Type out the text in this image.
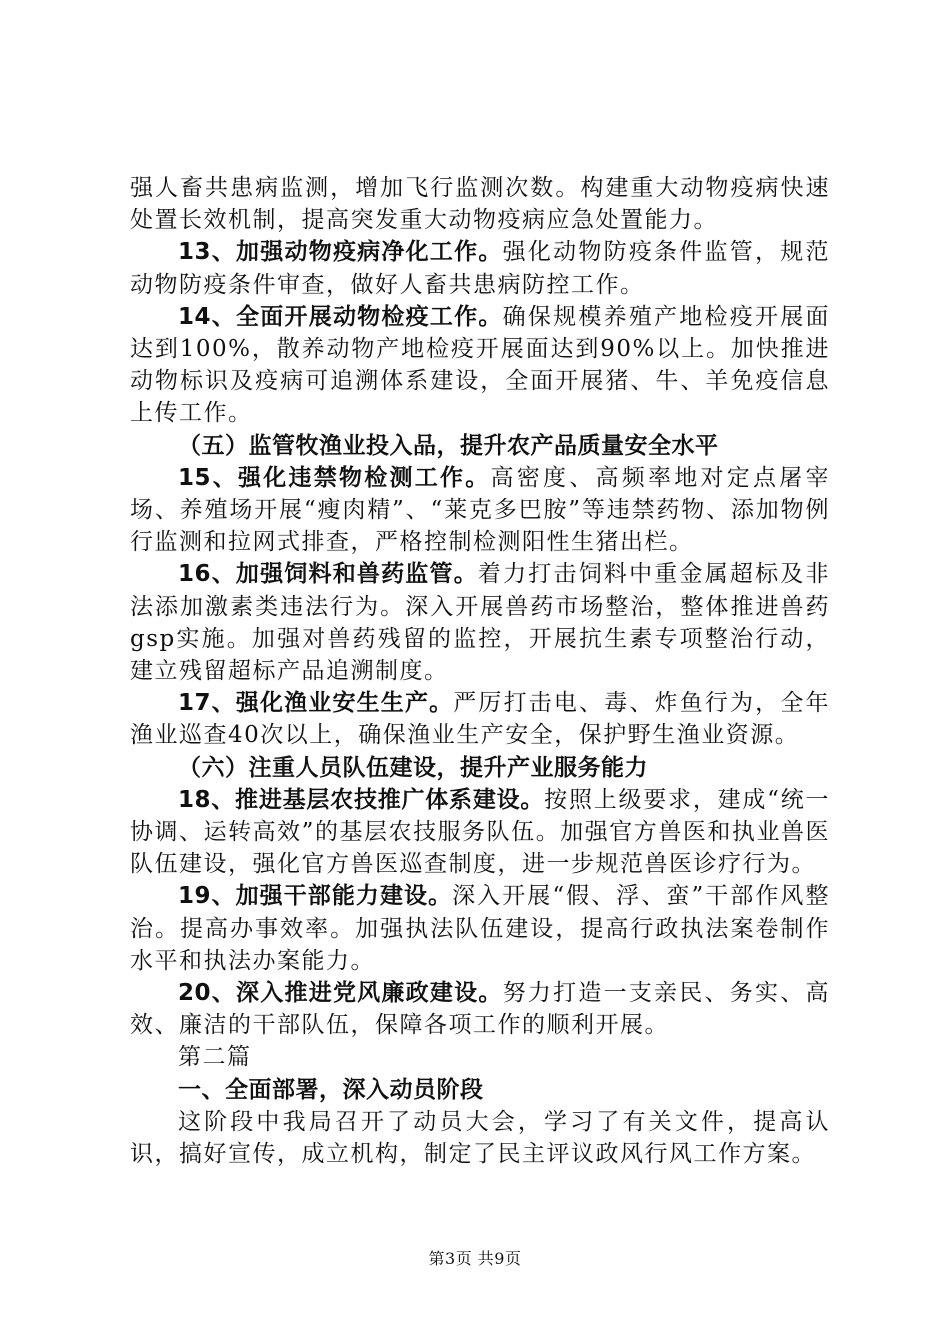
强人畜共患病监测，增加飞行监测次数。构建重大动物疫病快速处置长效机制，提高突发重大动物疫病应急处置能力。

13、加强动物疫病净化工作。强化动物防疫条件监管，规范动物防疫条件审查，做好人畜共患病防控工作。

14、全面开展动物检疫工作。确保规模养殖产地检疫开展面达到100%，散养动物产地检疫开展面达到90%以上。加快推进动物标识及疫病可追溯体系建设，全面开展猪、牛、羊免疫信息上传工作。

（五）监管牧渔业投入品，提升农产品质量安全水平

15、强化违禁物检测工作。高密度、高频率地对定点屠宰场、养殖场开展“瘦肉精”、“莱克多巴胺”等违禁药物、添加物例行监测和拉网式排查，严格控制检测阳性生猪出栏。

16、加强饲料和兽药监管。着力打击饲料中重金属超标及非法添加激素类违法行为。深入开展兽药市场整治，整体推进兽药gsp实施。加强对兽药残留的监控，开展抗生素专项整治行动，建立残留超标产品追溯制度。

17、强化渔业安生生产。严厉打击电、毒、炸鱼行为，全年渔业巡查40次以上，确保渔业生产安全，保护野生渔业资源。

（六）注重人员队伍建设，提升产业服务能力

18、推进基层农技推广体系建设。按照上级要求，建成“统一协调、运转高效”的基层农技服务队伍。加强官方兽医和执业兽医队伍建设，强化官方兽医巡查制度，进一步规范兽医诊疗行为。

19、加强干部能力建设。深入开展“假、浮、蛮”干部作风整治。提高办事效率。加强执法队伍建设，提高行政执法案卷制作水平和执法办案能力。

20、深入推进党风廉政建设。努力打造一支亲民、务实、高效、廉洁的干部队伍，保障各项工作的顺利开展。

第二篇

一、全面部署，深入动员阶段

这阶段中我局召开了动员大会，学习了有关文件，提高认识，搞好宣传，成立机构，制定了民主评议政风行风工作方案。

第3页 共9页
